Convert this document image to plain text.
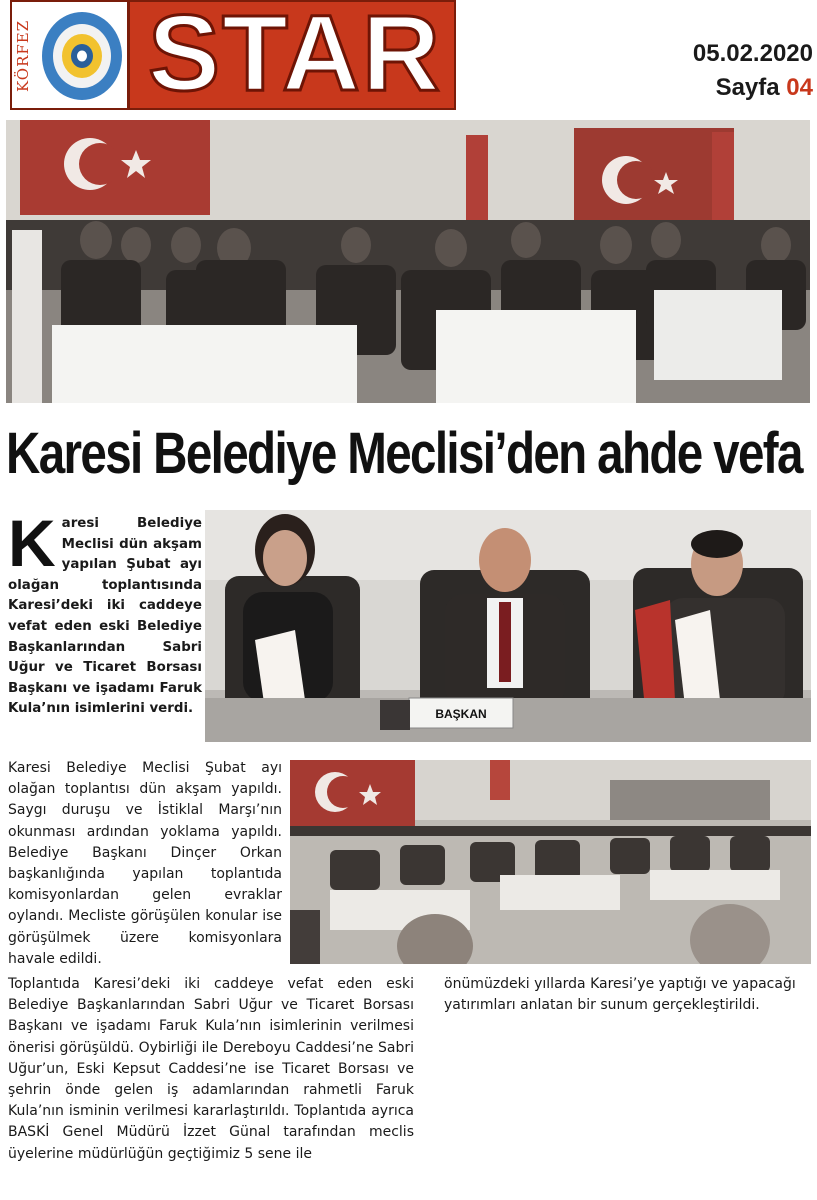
KÖRFEZ STAR	05.02.2020
Sayfa 04
Karesi Belediye Meclisi’den ahde vefa
K aresi Belediye Meclisi dün akşam yapılan Şubat ayı olağan toplantısında Karesi’deki iki caddeye vefat eden eski Belediye Başkanlarından Sabri Uğur ve Ticaret Borsası Başkanı ve işadamı Faruk Kula’nın isimlerini verdi.	BAŞKAN
Karesi Belediye Meclisi Şubat ayı olağan toplantısı dün akşam yapıldı. Saygı duruşu ve İstiklal Marşı’nın okunması ardından yoklama yapıldı. Belediye Başkanı Dinçer Orkan başkanlığında yapılan toplantıda komisyonlardan gelen evraklar oylandı. Mecliste görüşülen konular ise görüşülmek üzere komisyonlara havale edildi.
Toplantıda Karesi’deki iki caddeye vefat eden eski Belediye Başkanlarından Sabri Uğur ve Ticaret Borsası Başkanı ve işadamı Faruk Kula’nın isimlerinin verilmesi önerisi görüşüldü. Oybirliği ile Dereboyu Caddesi’ne Sabri Uğur’un, Eski Kepsut Caddesi’ne ise Ticaret Borsası ve şehrin önde gelen iş adamlarından rahmetli Faruk Kula’nın isminin verilmesi kararlaştırıldı. Toplantıda ayrıca BASKİ Genel Müdürü İzzet Günal tarafından meclis üyelerine müdürlüğün geçtiğimiz 5 sene ile
önümüzdeki yıllarda Karesi’ye yaptığı ve yapacağı yatırımları anlatan bir sunum gerçekleştirildi.
